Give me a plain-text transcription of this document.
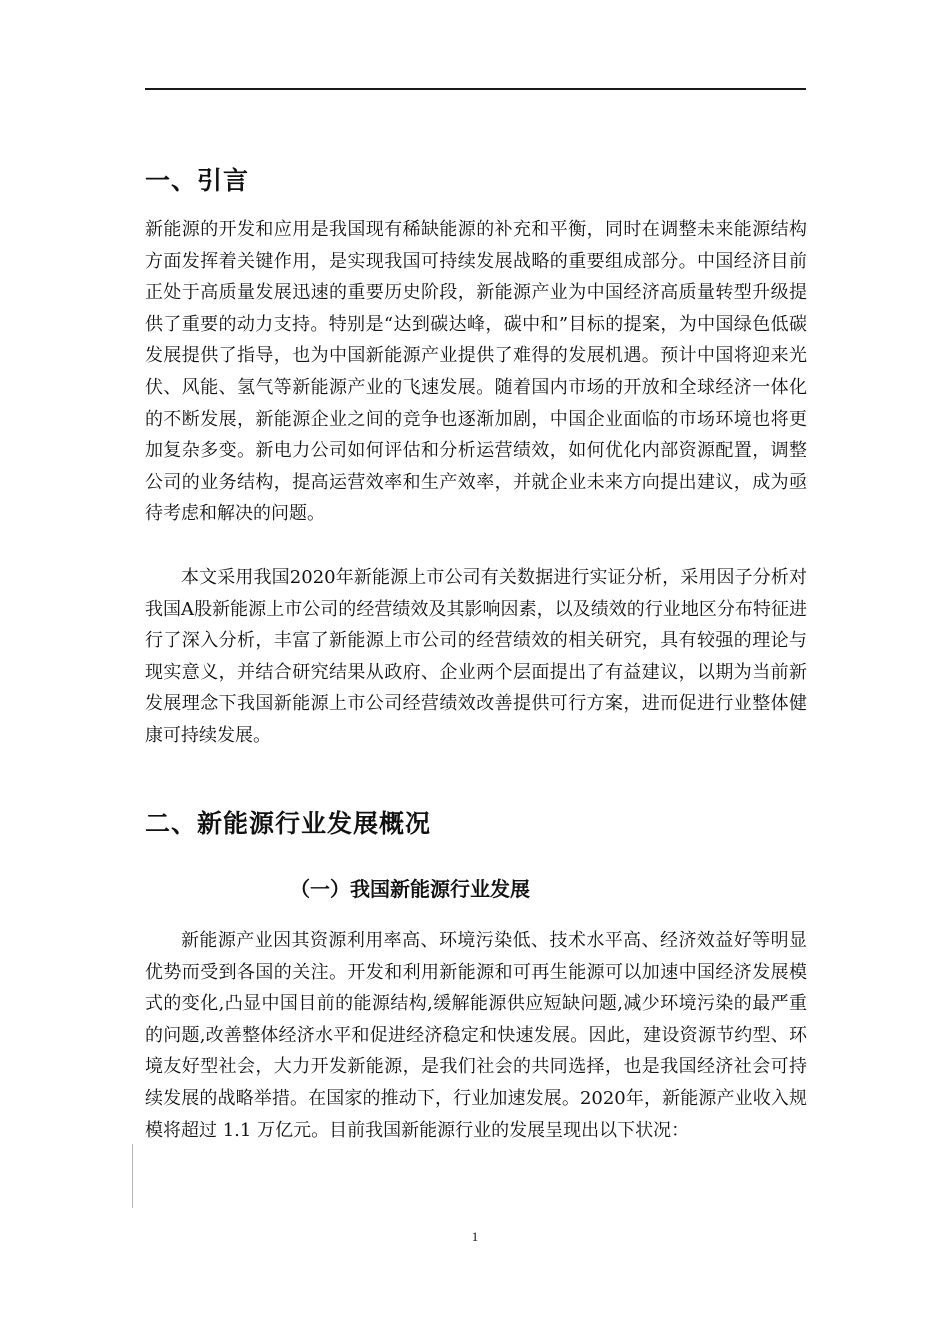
一、引言

新能源的开发和应用是我国现有稀缺能源的补充和平衡，同时在调整未来能源结构方面发挥着关键作用，是实现我国可持续发展战略的重要组成部分。中国经济目前正处于高质量发展迅速的重要历史阶段，新能源产业为中国经济高质量转型升级提供了重要的动力支持。特别是“达到碳达峰，碳中和”目标的提案，为中国绿色低碳发展提供了指导，也为中国新能源产业提供了难得的发展机遇。预计中国将迎来光伏、风能、氢气等新能源产业的飞速发展。随着国内市场的开放和全球经济一体化的不断发展，新能源企业之间的竞争也逐渐加剧，中国企业面临的市场环境也将更加复杂多变。新电力公司如何评估和分析运营绩效，如何优化内部资源配置，调整公司的业务结构，提高运营效率和生产效率，并就企业未来方向提出建议，成为亟待考虑和解决的问题。

本文采用我国2020年新能源上市公司有关数据进行实证分析，采用因子分析对我国A股新能源上市公司的经营绩效及其影响因素，以及绩效的行业地区分布特征进行了深入分析，丰富了新能源上市公司的经营绩效的相关研究，具有较强的理论与现实意义，并结合研究结果从政府、企业两个层面提出了有益建议，以期为当前新发展理念下我国新能源上市公司经营绩效改善提供可行方案，进而促进行业整体健康可持续发展。

二、新能源行业发展概况
（一）我国新能源行业发展

新能源产业因其资源利用率高、环境污染低、技术水平高、经济效益好等明显优势而受到各国的关注。开发和利用新能源和可再生能源可以加速中国经济发展模式的变化,凸显中国目前的能源结构,缓解能源供应短缺问题,减少环境污染的最严重的问题,改善整体经济水平和促进经济稳定和快速发展。因此，建设资源节约型、环境友好型社会，大力开发新能源，是我们社会的共同选择，也是我国经济社会可持续发展的战略举措。在国家的推动下，行业加速发展。2020年，新能源产业收入规模将超过 1.1 万亿元。目前我国新能源行业的发展呈现出以下状况：

1
